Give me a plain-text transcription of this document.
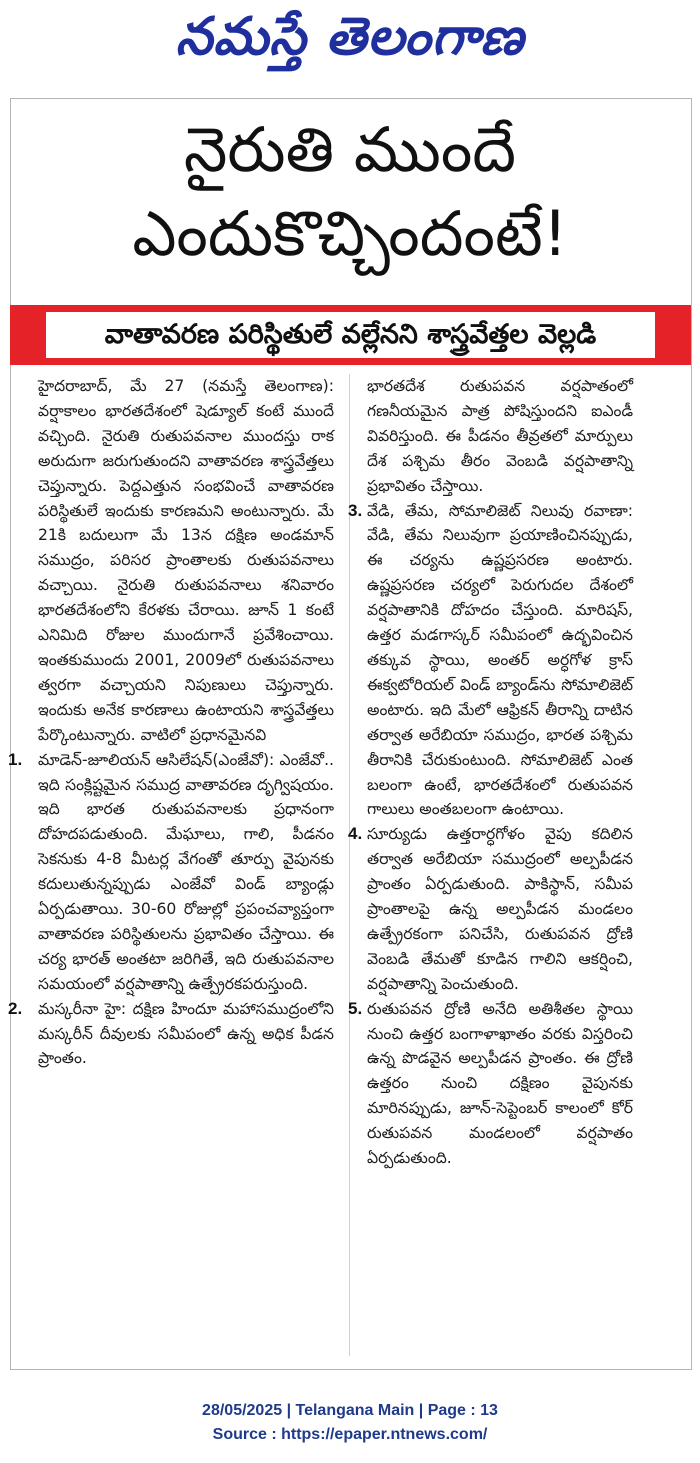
నమస్తే తెలంగాణ
నైరుతి ముందే
ఎందుకొచ్చిందంటే!
వాతావరణ పరిస్థితులే వల్లేనని శాస్త్రవేత్తల వెల్లడి

హైదరాబాద్, మే 27 (నమస్తే తెలంగాణ): వర్షాకాలం భారతదేశంలో షెడ్యూల్ కంటే ముందే వచ్చింది. నైరుతి రుతుపవనాల ముందస్తు రాక అరుదుగా జరుగుతుందని వాతావరణ శాస్త్రవేత్తలు చెప్తున్నారు. పెద్దఎత్తున సంభవించే వాతావరణ పరిస్థితులే ఇందుకు కారణమని అంటున్నారు. మే 21కి బదులుగా మే 13న దక్షిణ అండమాన్ సముద్రం, పరిసర ప్రాంతాలకు రుతుపవనాలు వచ్చాయి. నైరుతి రుతుపవనాలు శనివారం భారతదేశంలోని కేరళకు చేరాయి. జూన్ 1 కంటే ఎనిమిది రోజుల ముందుగానే ప్రవేశించాయి. ఇంతకుముందు 2001, 2009లో రుతుపవనాలు త్వరగా వచ్చాయని నిపుణులు చెప్తున్నారు. ఇందుకు అనేక కారణాలు ఉంటాయని శాస్త్రవేత్తలు పేర్కొంటున్నారు. వాటిలో ప్రధానమైనవి

1. మాడెన్-జూలియన్ ఆసిలేషన్(ఎంజేవో): ఎంజేవో.. ఇది సంక్లిష్టమైన సముద్ర వాతావరణ దృగ్విషయం. ఇది భారత రుతుపవనాలకు ప్రధానంగా దోహదపడుతుంది. మేఘాలు, గాలి, పీడనం సెకనుకు 4-8 మీటర్ల వేగంతో తూర్పు వైపునకు కదులుతున్నప్పుడు ఎంజేవో విండ్ బ్యాండ్లు ఏర్పడుతాయి. 30-60 రోజుల్లో ప్రపంచవ్యాప్తంగా వాతావరణ పరిస్థితులను ప్రభావితం చేస్తాయి. ఈ చర్య భారత్ అంతటా జరిగితే, ఇది రుతుపవనాల సమయంలో వర్షపాతాన్ని ఉత్ప్రేరకపరుస్తుంది.

2. మస్కరీనా హై: దక్షిణ హిందూ మహాసముద్రంలోని మస్కరీన్ దీవులకు సమీపంలో ఉన్న అధిక పీడన ప్రాంతం.

భారతదేశ రుతుపవన వర్షపాతంలో గణనీయమైన పాత్ర పోషిస్తుందని ఐఎండీ వివరిస్తుంది. ఈ పీడనం తీవ్రతలో మార్పులు దేశ పశ్చిమ తీరం వెంబడి వర్షపాతాన్ని ప్రభావితం చేస్తాయి.

3. వేడి, తేమ, సోమాలిజెట్ నిలువు రవాణా: వేడి, తేమ నిలువుగా ప్రయాణించినప్పుడు, ఈ చర్యను ఉష్ణప్రసరణ అంటారు. ఉష్ణప్రసరణ చర్యలో పెరుగుదల దేశంలో వర్షపాతానికి దోహదం చేస్తుంది. మారిషస్, ఉత్తర మడగాస్కర్ సమీపంలో ఉద్భవించిన తక్కువ స్థాయి, అంతర్ అర్ధగోళ క్రాస్ ఈక్వటోరియల్ విండ్ బ్యాండ్‌ను సోమాలిజెట్ అంటారు. ఇది మేలో ఆఫ్రికన్ తీరాన్ని దాటిన తర్వాత అరేబియా సముద్రం, భారత పశ్చిమ తీరానికి చేరుకుంటుంది. సోమాలిజెట్ ఎంత బలంగా ఉంటే, భారతదేశంలో రుతుపవన గాలులు అంతబలంగా ఉంటాయి.

4. సూర్యుడు ఉత్తరార్ధగోళం వైపు కదిలిన తర్వాత అరేబియా సముద్రంలో అల్పపీడన ప్రాంతం ఏర్పడుతుంది. పాకిస్థాన్, సమీప ప్రాంతాలపై ఉన్న అల్పపీడన మండలం ఉత్ప్రేరకంగా పనిచేసి, రుతుపవన ద్రోణి వెంబడి తేమతో కూడిన గాలిని ఆకర్షించి, వర్షపాతాన్ని పెంచుతుంది.

5. రుతుపవన ద్రోణి అనేది అతిశీతల స్థాయి నుంచి ఉత్తర బంగాళాఖాతం వరకు విస్తరించి ఉన్న పొడవైన అల్పపీడన ప్రాంతం. ఈ ద్రోణి ఉత్తరం నుంచి దక్షిణం వైపునకు మారినప్పుడు, జూన్-సెప్టెంబర్ కాలంలో కోర్ రుతుపవన మండలంలో వర్షపాతం ఏర్పడుతుంది.

28/05/2025 | Telangana Main | Page : 13
Source : https://epaper.ntnews.com/
